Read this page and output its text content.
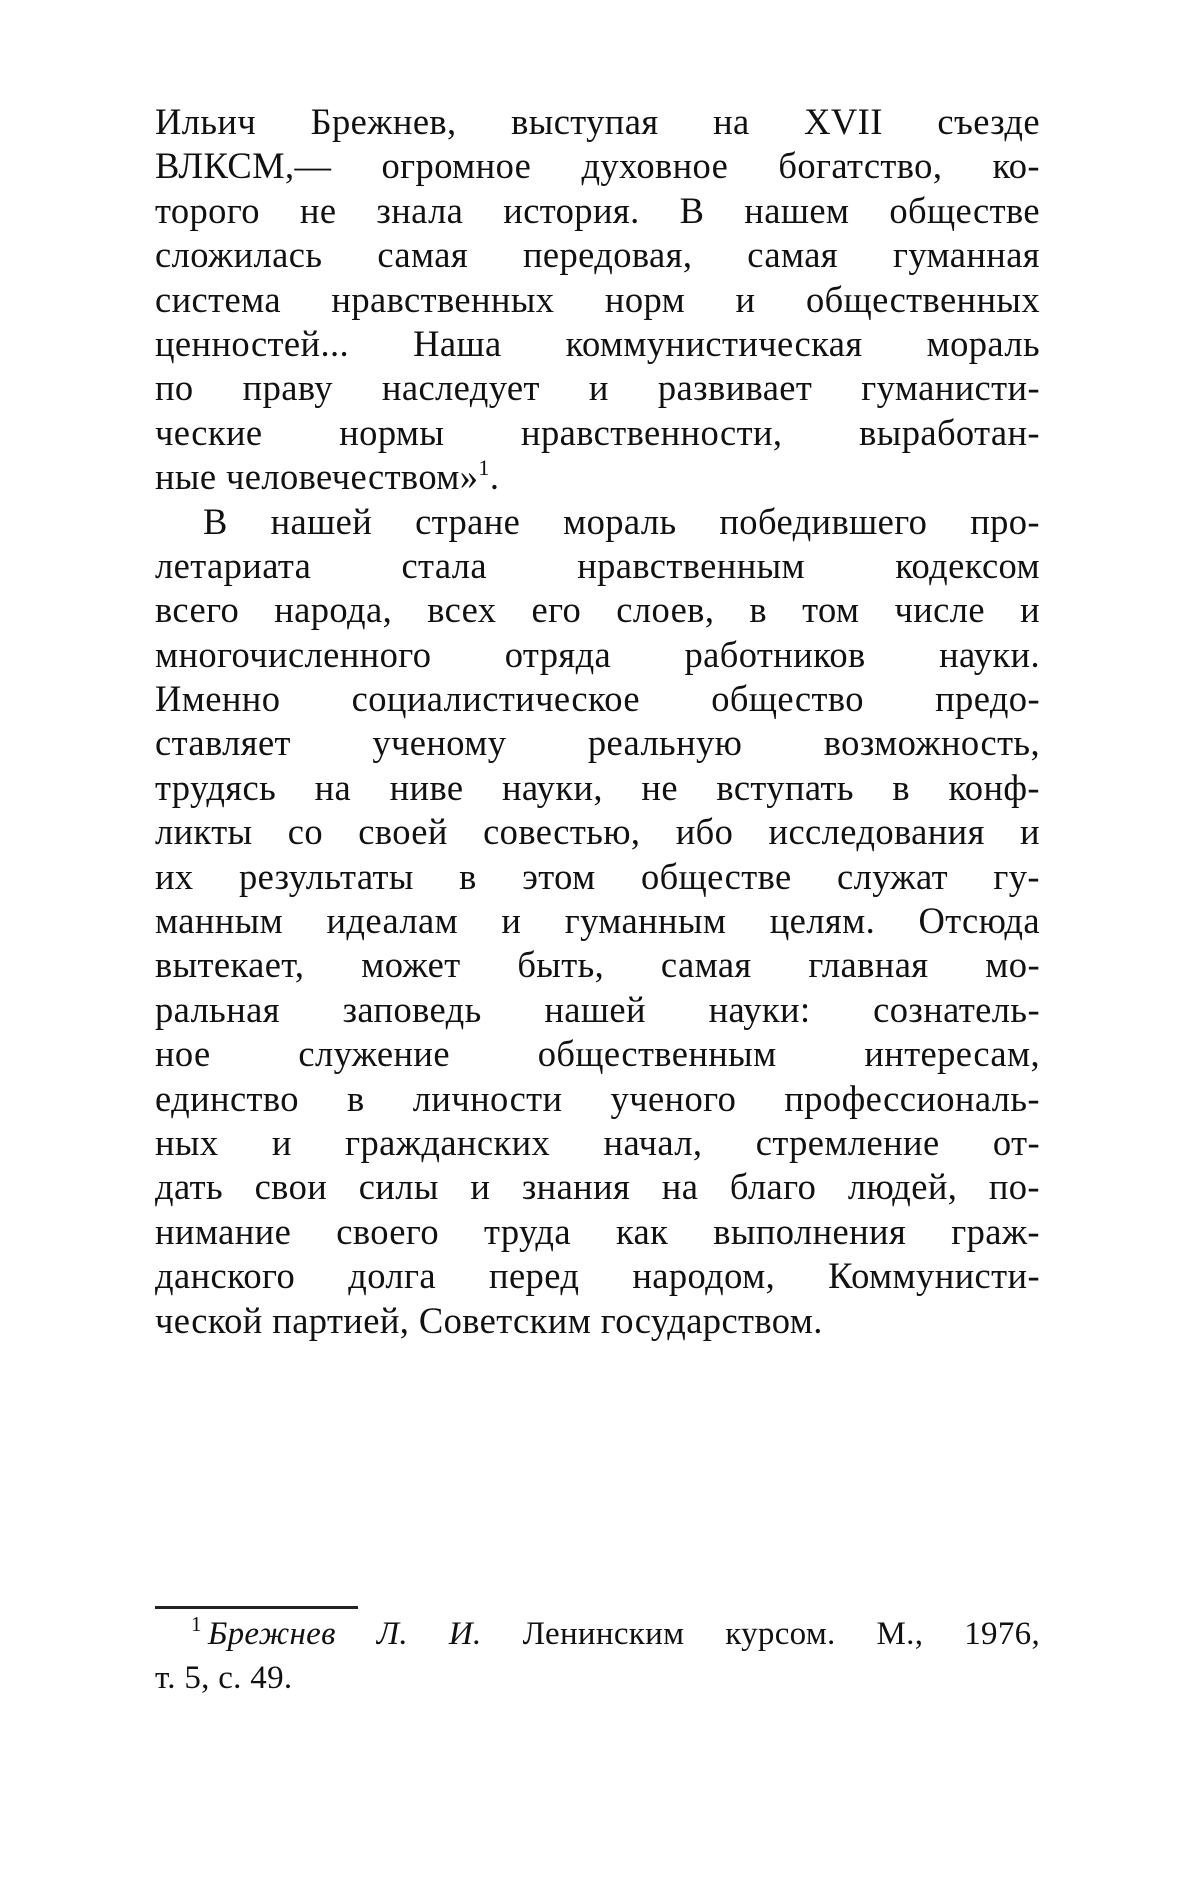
Ильич Брежнев, выступая на XVII съезде
ВЛКСМ,— огромное духовное богатство, ко-
торого не знала история. В нашем обществе
сложилась самая передовая, самая гуманная
система нравственных норм и общественных
ценностей... Наша коммунистическая мораль
по праву наследует и развивает гуманисти-
ческие нормы нравственности, выработан-
ные человечеством»$^1$.
В нашей стране мораль победившего про-
летариата стала нравственным кодексом
всего народа, всех его слоев, в том числе и
многочисленного отряда работников науки.
Именно социалистическое общество предо-
ставляет ученому реальную возможность,
трудясь на ниве науки, не вступать в конф-
ликты со своей совестью, ибо исследования и
их результаты в этом обществе служат гу-
манным идеалам и гуманным целям. Отсюда
вытекает, может быть, самая главная мо-
ральная заповедь нашей науки: сознатель-
ное служение общественным интересам,
единство в личности ученого профессиональ-
ных и гражданских начал, стремление от-
дать свои силы и знания на благо людей, по-
нимание своего труда как выполнения граж-
данского долга перед народом, Коммунисти-
ческой партией, Советским государством.
$^1$ Брежнев Л. И. Ленинским курсом. М., 1976,
т. 5, с. 49.
